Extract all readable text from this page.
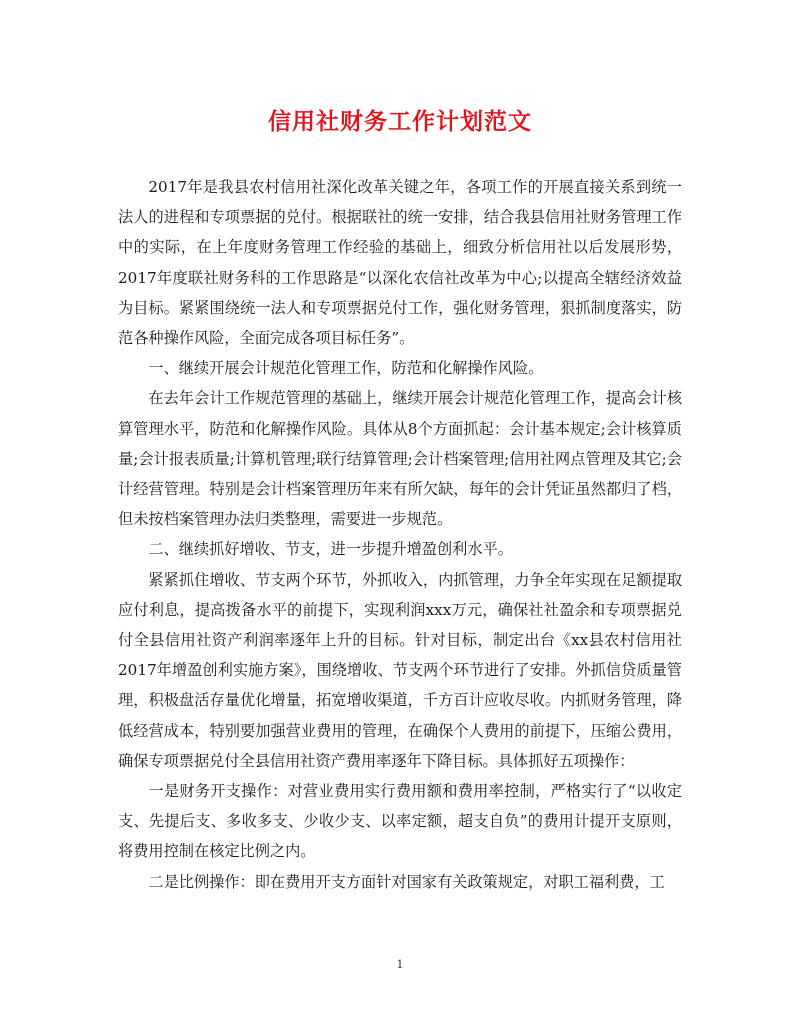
信用社财务工作计划范文

2017年是我县农村信用社深化改革关键之年，各项工作的开展直接关系到统一法人的进程和专项票据的兑付。根据联社的统一安排，结合我县信用社财务管理工作中的实际，在上年度财务管理工作经验的基础上，细致分析信用社以后发展形势，2017年度联社财务科的工作思路是“以深化农信社改革为中心;以提高全辖经济效益为目标。紧紧围绕统一法人和专项票据兑付工作，强化财务管理，狠抓制度落实，防范各种操作风险，全面完成各项目标任务”。

一、继续开展会计规范化管理工作，防范和化解操作风险。

在去年会计工作规范管理的基础上，继续开展会计规范化管理工作，提高会计核算管理水平，防范和化解操作风险。具体从8个方面抓起：会计基本规定;会计核算质量;会计报表质量;计算机管理;联行结算管理;会计档案管理;信用社网点管理及其它;会计经营管理。特别是会计档案管理历年来有所欠缺，每年的会计凭证虽然都归了档，但未按档案管理办法归类整理，需要进一步规范。

二、继续抓好增收、节支，进一步提升增盈创利水平。

紧紧抓住增收、节支两个环节，外抓收入，内抓管理，力争全年实现在足额提取应付利息，提高拨备水平的前提下，实现利润xxx万元，确保社社盈余和专项票据兑付全县信用社资产利润率逐年上升的目标。针对目标，制定出台《xx县农村信用社2017年增盈创利实施方案》，围绕增收、节支两个环节进行了安排。外抓信贷质量管理，积极盘活存量优化增量，拓宽增收渠道，千方百计应收尽收。内抓财务管理，降低经营成本，特别要加强营业费用的管理，在确保个人费用的前提下，压缩公费用，确保专项票据兑付全县信用社资产费用率逐年下降目标。具体抓好五项操作：

一是财务开支操作：对营业费用实行费用额和费用率控制，严格实行了“以收定支、先提后支、多收多支、少收少支、以率定额，超支自负”的费用计提开支原则，将费用控制在核定比例之内。

二是比例操作：即在费用开支方面针对国家有关政策规定，对职工福利费，工

1
